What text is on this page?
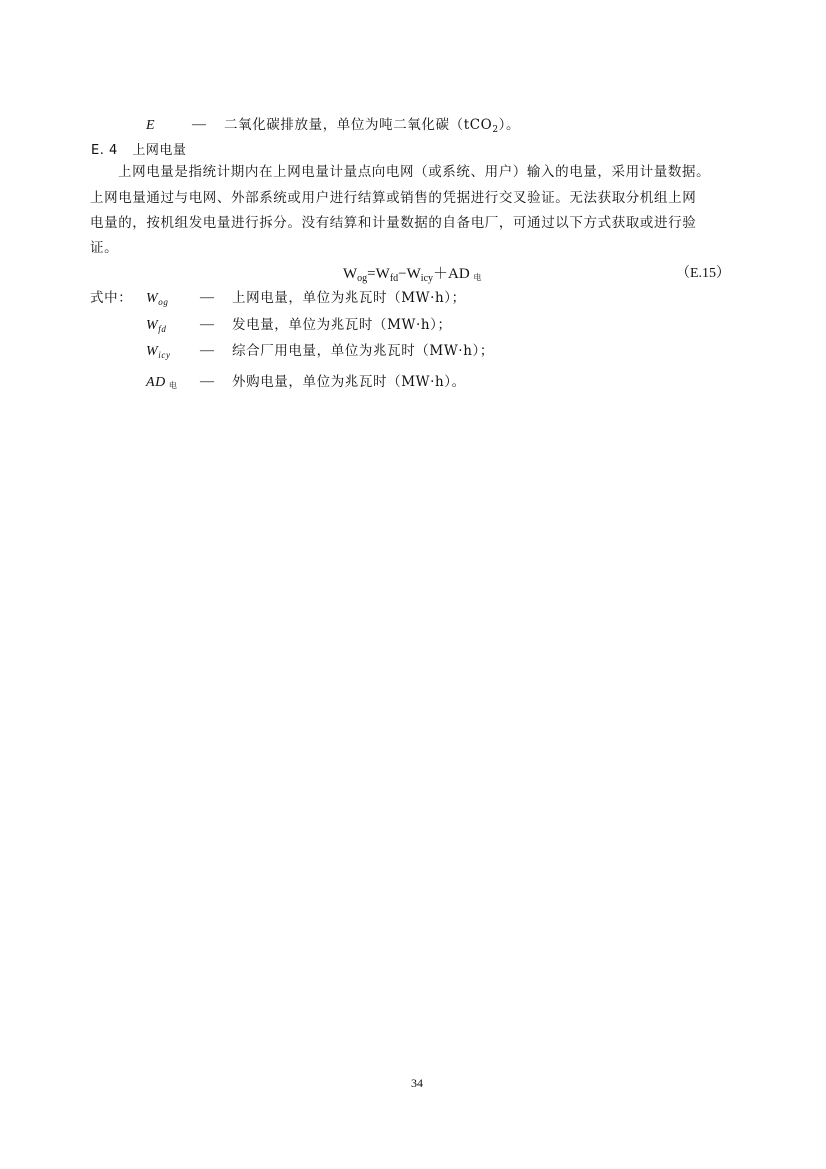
E	— 二氧化碳排放量，单位为吨二氧化碳（tCO$_2$）。
E. 4 上网电量
上网电量是指统计期内在上网电量计量点向电网（或系统、用户）输入的电量，采用计量数据。
上网电量通过与电网、外部系统或用户进行结算或销售的凭据进行交叉验证。无法获取分机组上网
电量的，按机组发电量进行拆分。没有结算和计量数据的自备电厂，可通过以下方式获取或进行验
证。
$W_{og}=W_{fd}-W_{icy}+AD$ 电	（E.15）
式中： $W_{og}$ — 上网电量，单位为兆瓦时（MW·h）；
$W_{fd}$ — 发电量，单位为兆瓦时（MW·h）；
$W_{icy}$ — 综合厂用电量，单位为兆瓦时（MW·h）；
AD 电 — 外购电量，单位为兆瓦时（MW·h）。
34
